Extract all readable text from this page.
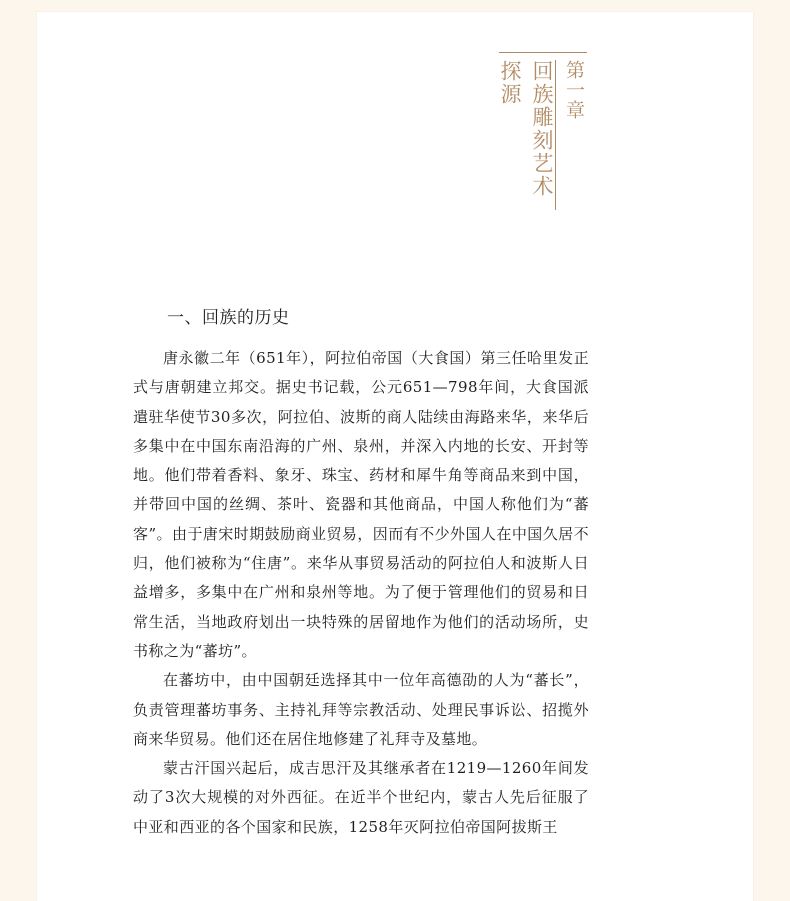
第一章
回族雕刻艺术
探源
一、回族的历史

唐永徽二年（651年），阿拉伯帝国（大食国）第三任哈里发正式与唐朝建立邦交。据史书记载，公元651—798年间，大食国派遣驻华使节30多次，阿拉伯、波斯的商人陆续由海路来华，来华后多集中在中国东南沿海的广州、泉州，并深入内地的长安、开封等地。他们带着香料、象牙、珠宝、药材和犀牛角等商品来到中国，并带回中国的丝绸、茶叶、瓷器和其他商品，中国人称他们为“蕃客”。由于唐宋时期鼓励商业贸易，因而有不少外国人在中国久居不归，他们被称为“住唐”。来华从事贸易活动的阿拉伯人和波斯人日益增多，多集中在广州和泉州等地。为了便于管理他们的贸易和日常生活，当地政府划出一块特殊的居留地作为他们的活动场所，史书称之为“蕃坊”。

在蕃坊中，由中国朝廷选择其中一位年高德劭的人为“蕃长”，负责管理蕃坊事务、主持礼拜等宗教活动、处理民事诉讼、招揽外商来华贸易。他们还在居住地修建了礼拜寺及墓地。

蒙古汗国兴起后，成吉思汗及其继承者在1219—1260年间发动了3次大规模的对外西征。在近半个世纪内，蒙古人先后征服了中亚和西亚的各个国家和民族，1258年灭阿拉伯帝国阿拔斯王
